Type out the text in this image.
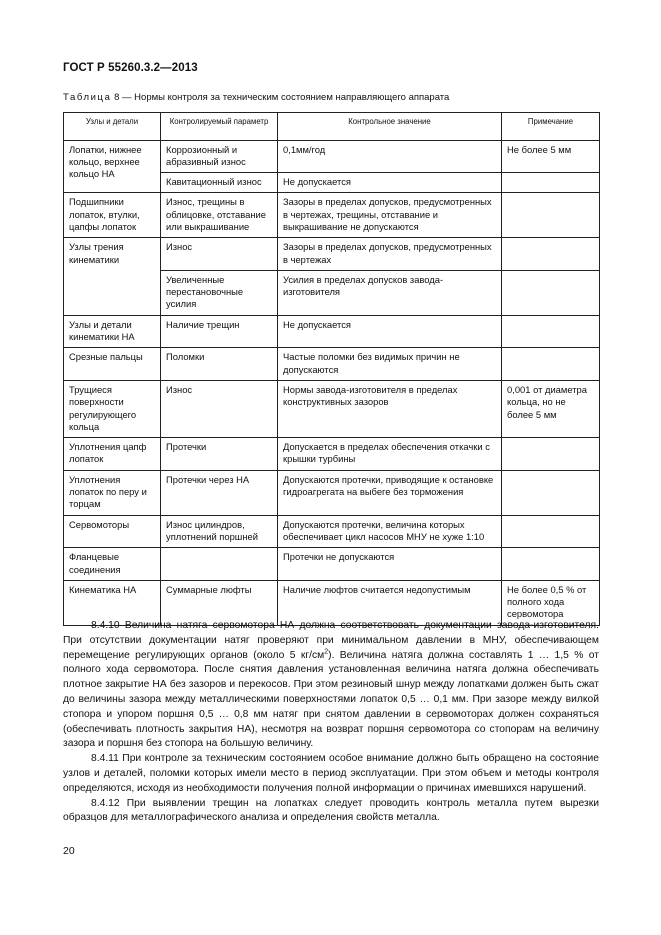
ГОСТ Р 55260.3.2—2013
Таблица 8 — Нормы контроля за техническим состоянием направляющего аппарата
Узлы и детали	Контролируемый параметр	Контрольное значение	Примечание
Лопатки, нижнее кольцо, верхнее кольцо НА	Коррозионный и абразивный износ	0,1мм/год	Не более 5 мм
	Кавитационный износ	Не допускается	
Подшипники лопаток, втулки, цапфы лопаток	Износ, трещины в облицовке, отставание или выкрашивание	Зазоры в пределах допусков, предусмотренных в чертежах, трещины, отставание и выкрашивание не допускаются	
Узлы трения кинематики	Износ	Зазоры в пределах допусков, предусмотренных в чертежах	
	Увеличенные перестановочные усилия	Усилия в пределах допусков завода-изготовителя	
Узлы и детали кинематики НА	Наличие трещин	Не допускается	
Срезные пальцы	Поломки	Частые поломки без видимых причин не допускаются	
Трущиеся поверхности регулирующего кольца	Износ	Нормы завода-изготовителя в пределах конструктивных зазоров	0,001 от диаметра кольца, но не более 5 мм
Уплотнения цапф лопаток	Протечки	Допускается в пределах обеспечения откачки с крышки турбины	
Уплотнения лопаток по перу и торцам	Протечки через НА	Допускаются протечки, приводящие к остановке гидроагрегата на выбеге без торможения	
Сервомоторы	Износ цилиндров, уплотнений поршней	Допускаются протечки, величина которых обеспечивает цикл насосов МНУ не хуже 1:10	
Фланцевые соединения		Протечки не допускаются	
Кинематика НА	Суммарные люфты	Наличие люфтов считается недопустимым	Не более 0,5 % от полного хода сервомотора

8.4.10 Величина натяга сервомотора НА должна соответствовать документации завода-изготовителя. При отсутствии документации натяг проверяют при минимальном давлении в МНУ, обеспечивающем перемещение регулирующих органов (около 5 $кг/см^2$). Величина натяга должна составлять 1 … 1,5 % от полного хода сервомотора. После снятия давления установленная величина натяга должна обеспечивать плотное закрытие НА без зазоров и перекосов. При этом резиновый шнур между лопатками должен быть сжат до величины зазора между металлическими поверхностями лопаток 0,5 … 0,1 мм. При зазоре между вилкой стопора и упором поршня 0,5 … 0,8 мм натяг при снятом давлении в сервомоторах должен сохраняться (обеспечивать плотность закрытия НА), несмотря на возврат поршня сервомотора со стопорам на величину зазора и поршня без стопора на большую величину.

8.4.11 При контроле за техническим состоянием особое внимание должно быть обращено на состояние узлов и деталей, поломки которых имели место в период эксплуатации. При этом объем и методы контроля определяются, исходя из необходимости получения полной информации о причинах имевшихся нарушений.

8.4.12 При выявлении трещин на лопатках следует проводить контроль металла путем вырезки образцов для металлографического анализа и определения свойств металла.

20
